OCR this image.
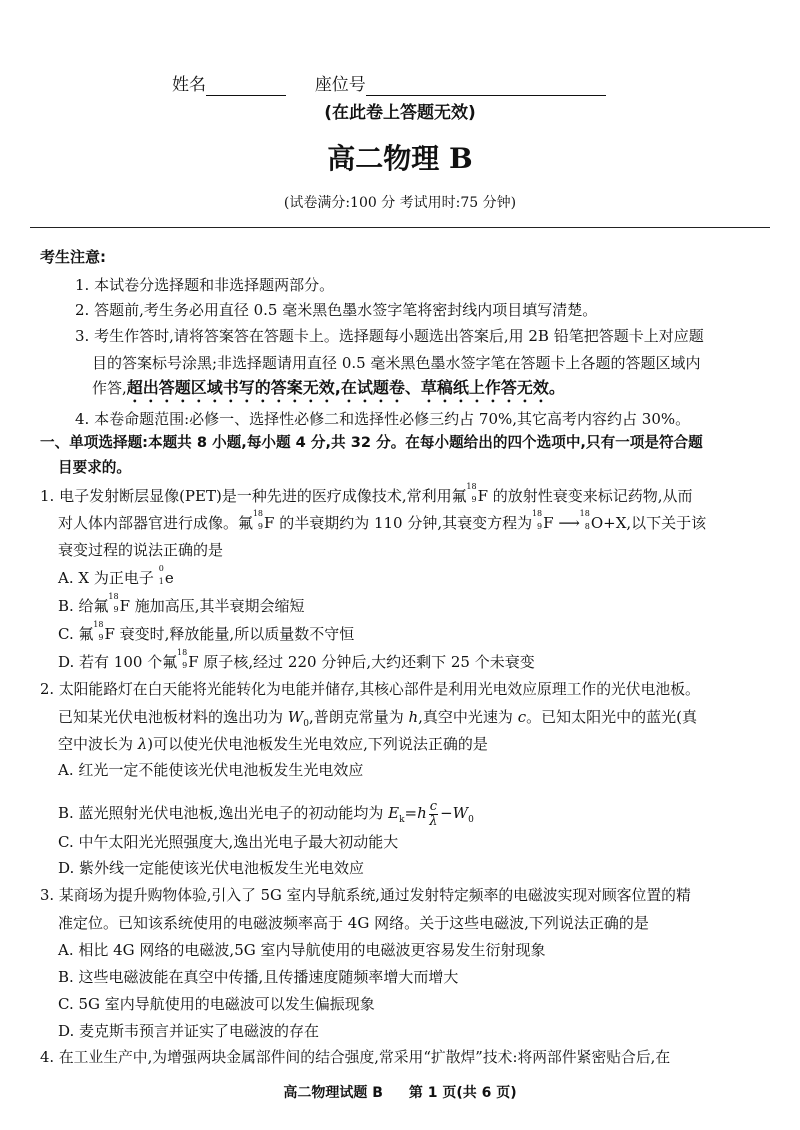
姓名	座位号
(在此卷上答题无效)
高二物理 B
(试卷满分:100 分 考试用时:75 分钟)
考生注意:
1. 本试卷分选择题和非选择题两部分。
2. 答题前,考生务必用直径 0.5 毫米黑色墨水签字笔将密封线内项目填写清楚。
3. 考生作答时,请将答案答在答题卡上。选择题每小题选出答案后,用 2B 铅笔把答题卡上对应题
目的答案标号涂黑;非选择题请用直径 0.5 毫米黑色墨水签字笔在答题卡上各题的答题区域内
作答,超出答题区域书写的答案无效,在试题卷、草稿纸上作答无效。
4. 本卷命题范围:必修一、选择性必修二和选择性必修三约占 70%,其它高考内容约占 30%。
一、单项选择题:本题共 8 小题,每小题 4 分,共 32 分。在每小题给出的四个选项中,只有一项是符合题
目要求的。
1. 电子发射断层显像(PET)是一种先进的医疗成像技术,常利用氟
18
9 F 的放射性衰变来标记药物,从而
对人体内部器官进行成像。氟
18
9 F 的半衰期约为 110 分钟,其衰变方程为
18
9 F ⟶
18
8 O+X,以下关于该
衰变过程的说法正确的是
A. X 为正电子
0
1 e
B. 给氟
18
9 F 施加高压,其半衰期会缩短
C. 氟
18
9 F 衰变时,释放能量,所以质量数不守恒
D. 若有 100 个氟
18
9 F 原子核,经过 220 分钟后,大约还剩下 25 个未衰变
2. 太阳能路灯在白天能将光能转化为电能并储存,其核心部件是利用光电效应原理工作的光伏电池板。
已知某光伏电池板材料的逸出功为 $W_0$,普朗克常量为 h,真空中光速为 c。已知太阳光中的蓝光(真
空中波长为 λ)可以使光伏电池板发生光电效应,下列说法正确的是
A. 红光一定不能使该光伏电池板发生光电效应
B. 蓝光照射光伏电池板,逸出光电子的初动能均为 $E_k=h \frac{c}{\lambda} -W_0$
C. 中午太阳光光照强度大,逸出光电子最大初动能大
D. 紫外线一定能使该光伏电池板发生光电效应
3. 某商场为提升购物体验,引入了 5G 室内导航系统,通过发射特定频率的电磁波实现对顾客位置的精
准定位。已知该系统使用的电磁波频率高于 4G 网络。关于这些电磁波,下列说法正确的是
A. 相比 4G 网络的电磁波,5G 室内导航使用的电磁波更容易发生衍射现象
B. 这些电磁波能在真空中传播,且传播速度随频率增大而增大
C. 5G 室内导航使用的电磁波可以发生偏振现象
D. 麦克斯韦预言并证实了电磁波的存在
4. 在工业生产中,为增强两块金属部件间的结合强度,常采用“扩散焊”技术:将两部件紧密贴合后,在
高二物理试题 B 第 1 页(共 6 页)
